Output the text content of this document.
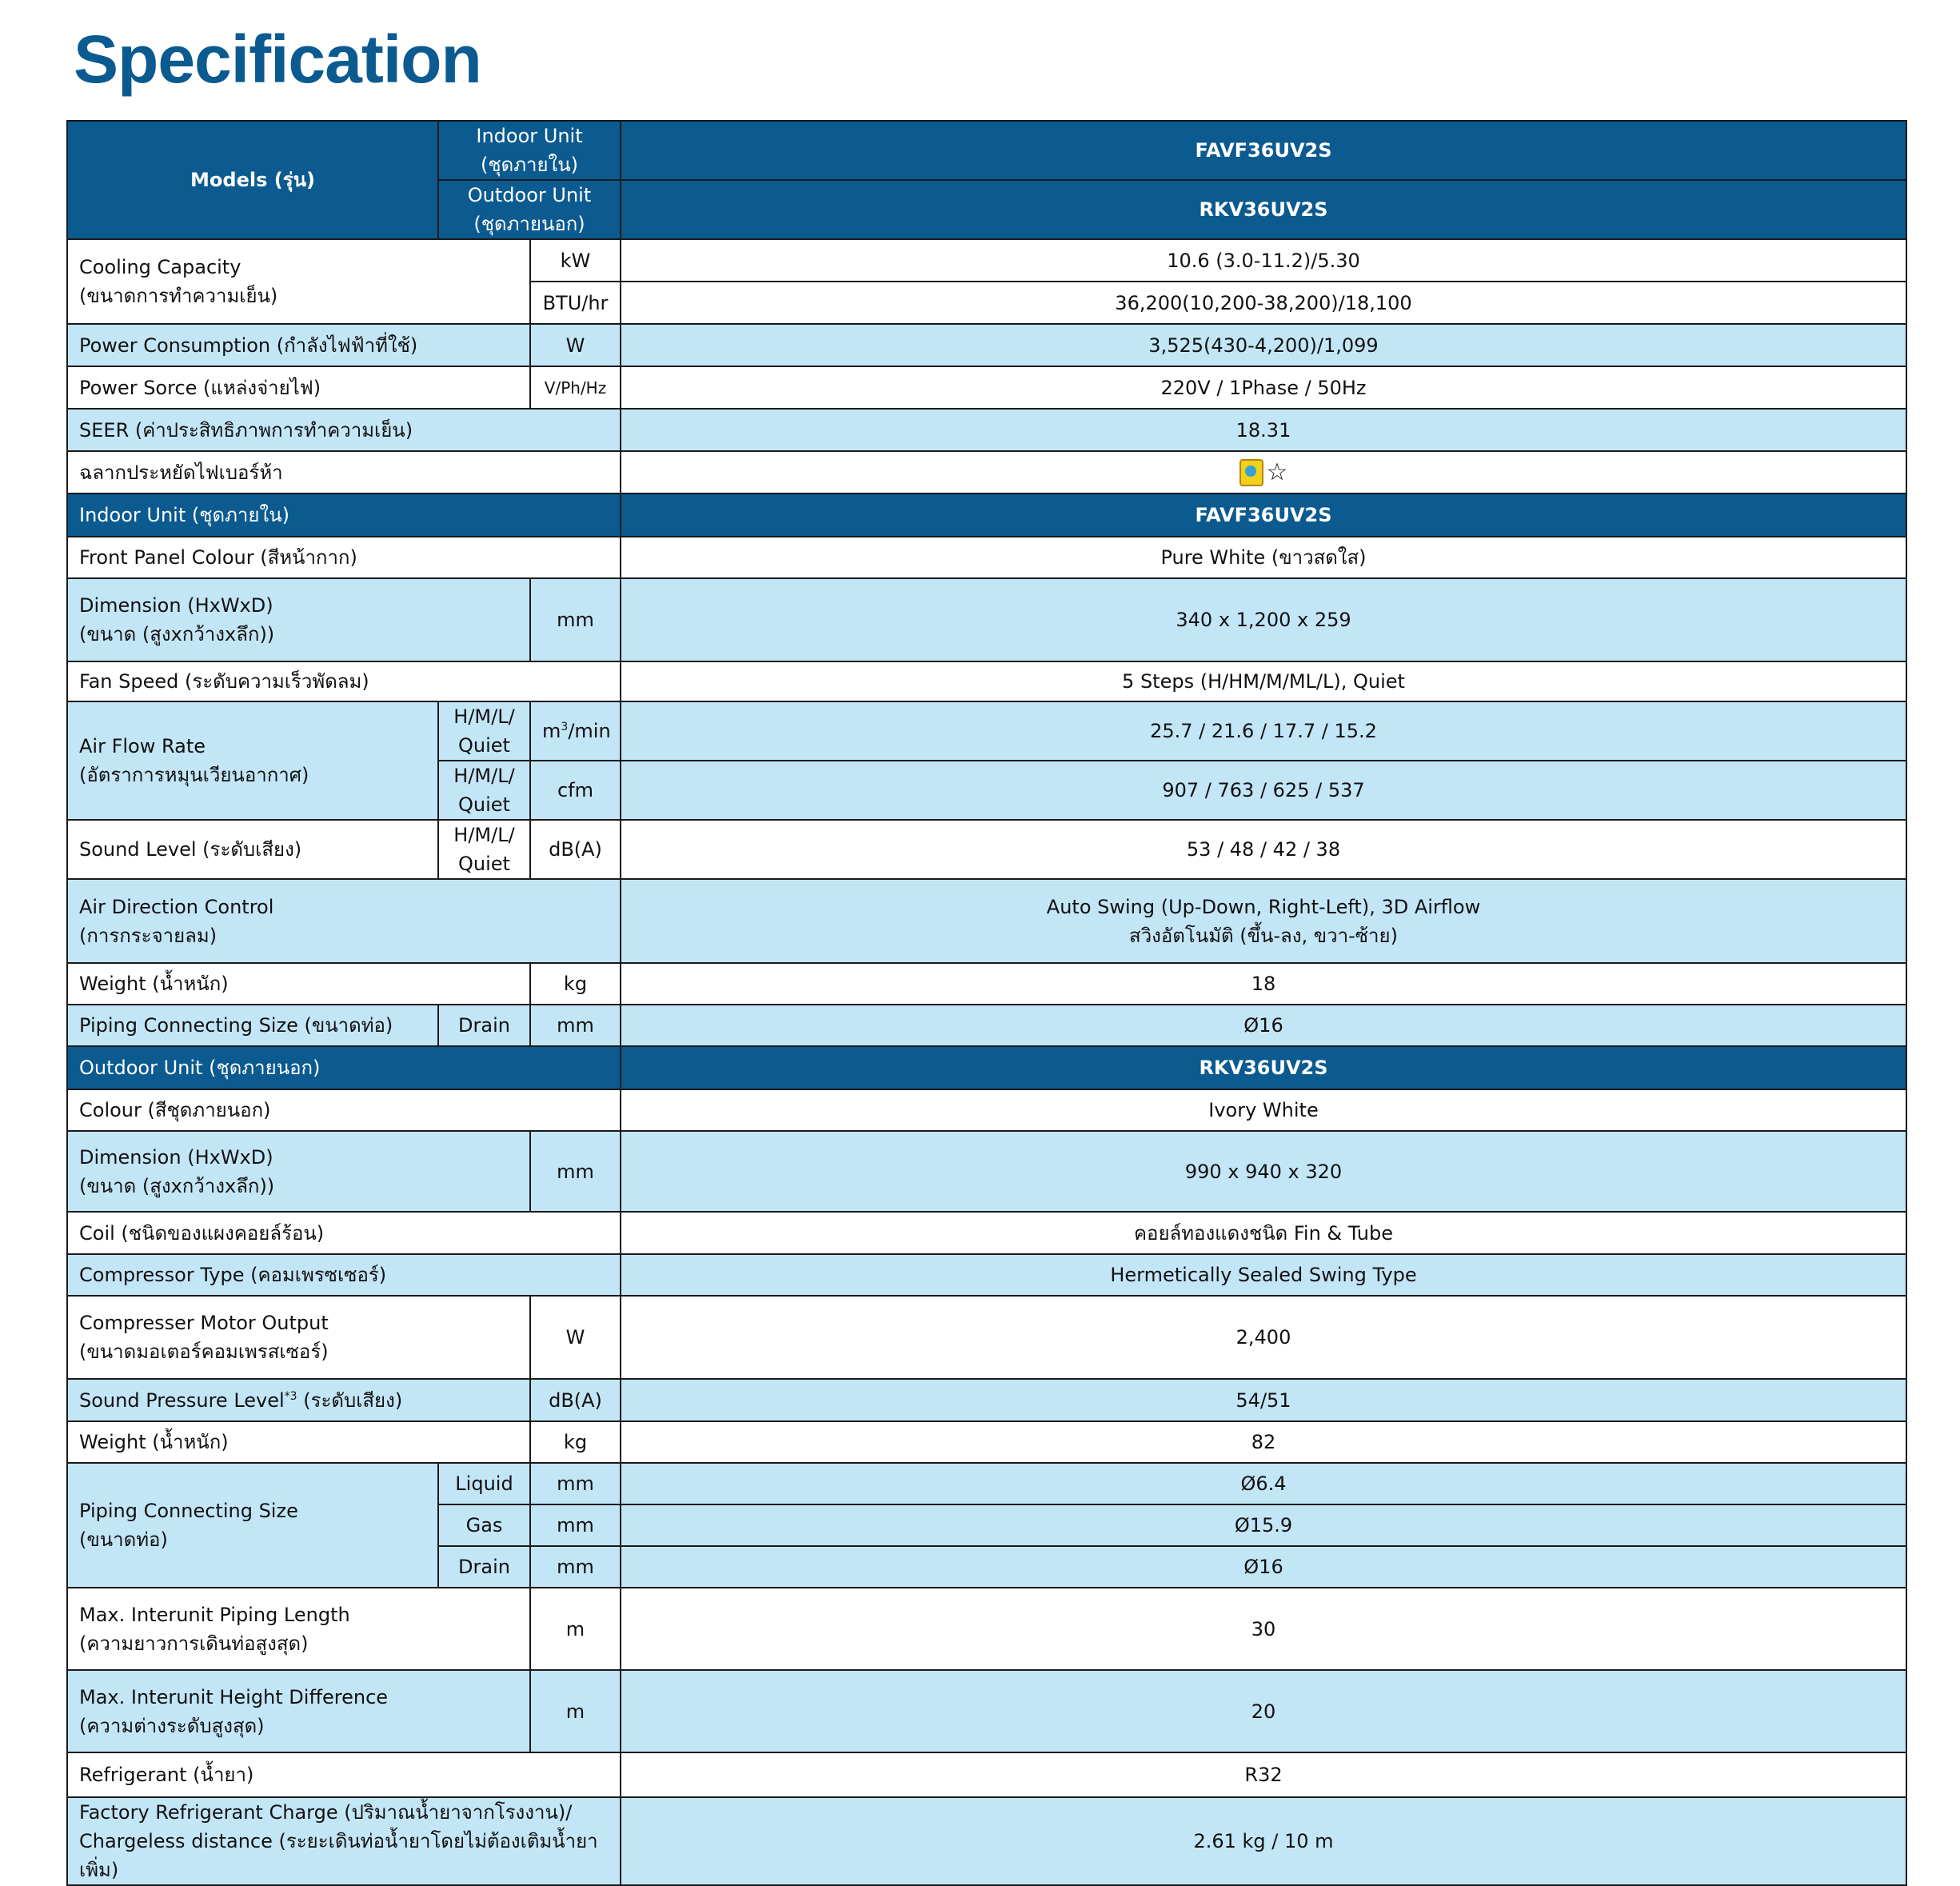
Specification
Models (รุ่น)	Indoor Unit
(ชุดภายใน)		FAVF36UV2S

	Outdoor Unit
(ชุดภายนอก)		RKV36UV2S

Cooling Capacity
(ขนาดการทำความเย็น)		kW	10.6 (3.0-11.2)/5.30
		BTU/hr	36,200(10,200-38,200)/18,100
Power Consumption (กำลังไฟฟ้าที่ใช้)		W	3,525(430-4,200)/1,099
Power Sorce (แหล่งจ่ายไฟ)		V/Ph/Hz	220V / 1Phase / 50Hz
SEER (ค่าประสิทธิภาพการทำความเย็น)			18.31
ฉลากประหยัดไฟเบอร์ห้า			☆
Indoor Unit (ชุดภายใน)			FAVF36UV2S
Front Panel Colour (สีหน้ากาก)			Pure White (ขาวสดใส)

Dimension (HxWxD)
(ขนาด (สูงxกว้างxลึก))		mm	340 x 1,200 x 259
Fan Speed (ระดับความเร็วพัดลม)			5 Steps (H/HM/M/ML/L), Quiet

Air Flow Rate
(อัตราการหมุนเวียนอากาศ)	H/M/L/
Quiet	$m^3/\min$	25.7 / 21.6 / 17.7 / 15.2

	H/M/L/
Quiet	cfm	907 / 763 / 625 / 537
Sound Level (ระดับเสียง)	H/M/L/
Quiet	dB(A)	53 / 48 / 42 / 38

Air Direction Control
(การกระจายลม)			Auto Swing (Up-Down, Right-Left), 3D Airflow
สวิงอัตโนมัติ (ขึ้น-ลง, ขวา-ซ้าย)

Weight (น้ำหนัก)		kg	18
Piping Connecting Size (ขนาดท่อ)	Drain	mm	Ø16
Outdoor Unit (ชุดภายนอก)			RKV36UV2S
Colour (สีชุดภายนอก)			Ivory White

Dimension (HxWxD)
(ขนาด (สูงxกว้างxลึก))		mm	990 x 940 x 320
Coil (ชนิดของแผงคอยล์ร้อน)			คอยล์ทองแดงชนิด Fin & Tube
Compressor Type (คอมเพรซเซอร์)			Hermetically Sealed Swing Type

Compresser Motor Output
(ขนาดมอเตอร์คอมเพรสเซอร์)		W	2,400
Sound Pressure Level$^{*3}$ (ระดับเสียง)		dB(A)	54/51
Weight (น้ำหนัก)		kg	82

Piping Connecting Size
(ขนาดท่อ)	Liquid	mm	Ø6.4
	Gas	mm	Ø15.9
	Drain	mm	Ø16

Max. Interunit Piping Length
(ความยาวการเดินท่อสูงสุด)		m	30

Max. Interunit Height Difference
(ความต่างระดับสูงสุด)		m	20
Refrigerant (น้ำยา)			R32

Factory Refrigerant Charge (ปริมาณน้ำยาจากโรงงาน)/
Chargeless distance (ระยะเดินท่อน้ำยาโดยไม่ต้องเติมน้ำยาเพิ่ม)			2.61 kg / 10 m
